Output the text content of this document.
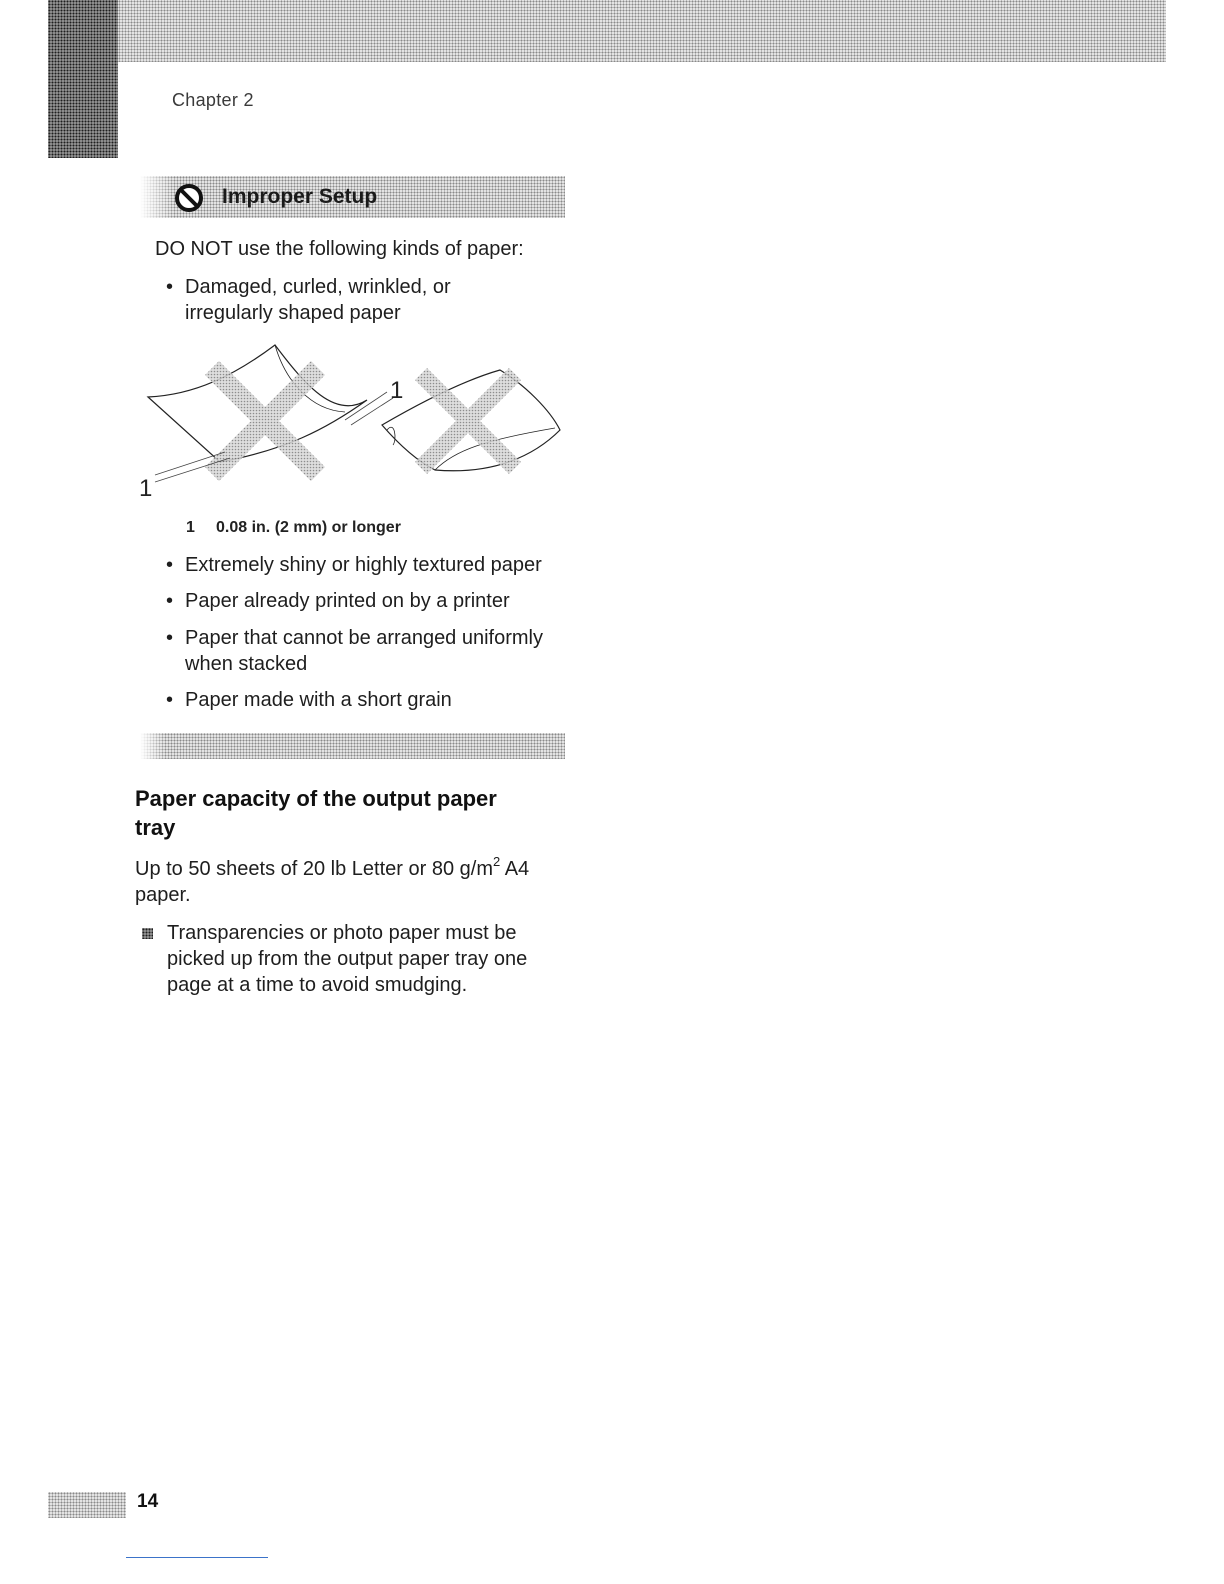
Chapter 2
Improper Setup
DO NOT use the following kinds of paper:
• Damaged, curled, wrinkled, or
irregularly shaped paper
1
1
1 0.08 in. (2 mm) or longer
• Extremely shiny or highly textured paper
• Paper already printed on by a printer
• Paper that cannot be arranged uniformly
when stacked
• Paper made with a short grain
Paper capacity of the output paper
tray
Up to 50 sheets of 20 lb Letter or 80 $g/m^2$ A4
paper.
Transparencies or photo paper must be
picked up from the output paper tray one
page at a time to avoid smudging.
14
